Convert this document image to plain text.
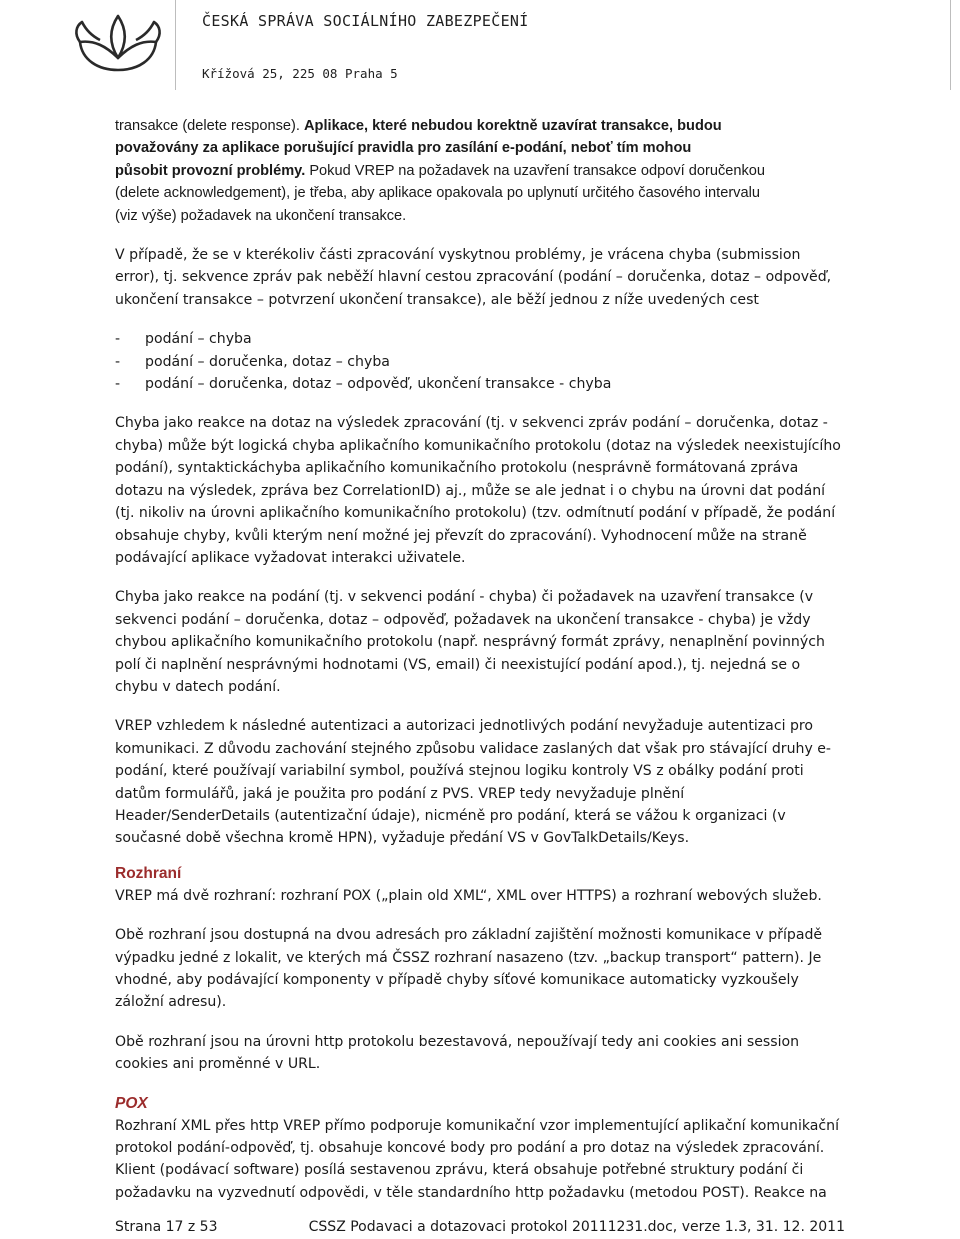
ČESKÁ SPRÁVA SOCIÁLNÍHO ZABEZPEČENÍ
Křížová 25, 225 08 Praha 5

transakce (delete response). Aplikace, které nebudou korektně uzavírat transakce, budou
považovány za aplikace porušující pravidla pro zasílání e-podání, neboť tím mohou
působit provozní problémy. Pokud VREP na požadavek na uzavření transakce odpoví doručenkou
(delete acknowledgement), je třeba, aby aplikace opakovala po uplynutí určitého časového intervalu
(viz výše) požadavek na ukončení transakce.

V případě, že se v kterékoliv části zpracování vyskytnou problémy, je vrácena chyba (submission
error), tj. sekvence zpráv pak neběží hlavní cestou zpracování (podání – doručenka, dotaz – odpověď,
ukončení transakce – potvrzení ukončení transakce), ale běží jednou z níže uvedených cest

- podání – chyba
- podání – doručenka, dotaz – chyba
- podání – doručenka, dotaz – odpověď, ukončení transakce - chyba

Chyba jako reakce na dotaz na výsledek zpracování (tj. v sekvenci zpráv podání – doručenka, dotaz -
chyba) může být logická chyba aplikačního komunikačního protokolu (dotaz na výsledek neexistujícího
podání), syntaktickáchyba aplikačního komunikačního protokolu (nesprávně formátovaná zpráva
dotazu na výsledek, zpráva bez CorrelationID) aj., může se ale jednat i o chybu na úrovni dat podání
(tj. nikoliv na úrovni aplikačního komunikačního protokolu) (tzv. odmítnutí podání v případě, že podání
obsahuje chyby, kvůli kterým není možné jej převzít do zpracování). Vyhodnocení může na straně
podávající aplikace vyžadovat interakci uživatele.

Chyba jako reakce na podání (tj. v sekvenci podání - chyba) či požadavek na uzavření transakce (v
sekvenci podání – doručenka, dotaz – odpověď, požadavek na ukončení transakce - chyba) je vždy
chybou aplikačního komunikačního protokolu (např. nesprávný formát zprávy, nenaplnění povinných
polí či naplnění nesprávnými hodnotami (VS, email) či neexistující podání apod.), tj. nejedná se o
chybu v datech podání.

VREP vzhledem k následné autentizaci a autorizaci jednotlivých podání nevyžaduje autentizaci pro
komunikaci. Z důvodu zachování stejného způsobu validace zaslaných dat však pro stávající druhy e-
podání, které používají variabilní symbol, používá stejnou logiku kontroly VS z obálky podání proti
datům formulářů, jaká je použita pro podání z PVS. VREP tedy nevyžaduje plnění
Header/SenderDetails (autentizační údaje), nicméně pro podání, která se vážou k organizaci (v
současné době všechna kromě HPN), vyžaduje předání VS v GovTalkDetails/Keys.

Rozhraní

VREP má dvě rozhraní: rozhraní POX („plain old XML“, XML over HTTPS) a rozhraní webových služeb.

Obě rozhraní jsou dostupná na dvou adresách pro základní zajištění možnosti komunikace v případě
výpadku jedné z lokalit, ve kterých má ČSSZ rozhraní nasazeno (tzv. „backup transport“ pattern). Je
vhodné, aby podávající komponenty v případě chyby síťové komunikace automaticky vyzkoušely
záložní adresu).

Obě rozhraní jsou na úrovni http protokolu bezestavová, nepoužívají tedy ani cookies ani session
cookies ani proměnné v URL.

POX

Rozhraní XML přes http VREP přímo podporuje komunikační vzor implementující aplikační komunikační
protokol podání-odpověď, tj. obsahuje koncové body pro podání a pro dotaz na výsledek zpracování.
Klient (podávací software) posílá sestavenou zprávu, která obsahuje potřebné struktury podání či
požadavku na vyzvednutí odpovědi, v těle standardního http požadavku (metodou POST). Reakce na

Strana 17 z 53	CSSZ Podavaci a dotazovaci protokol 20111231.doc, verze 1.3, 31. 12. 2011
